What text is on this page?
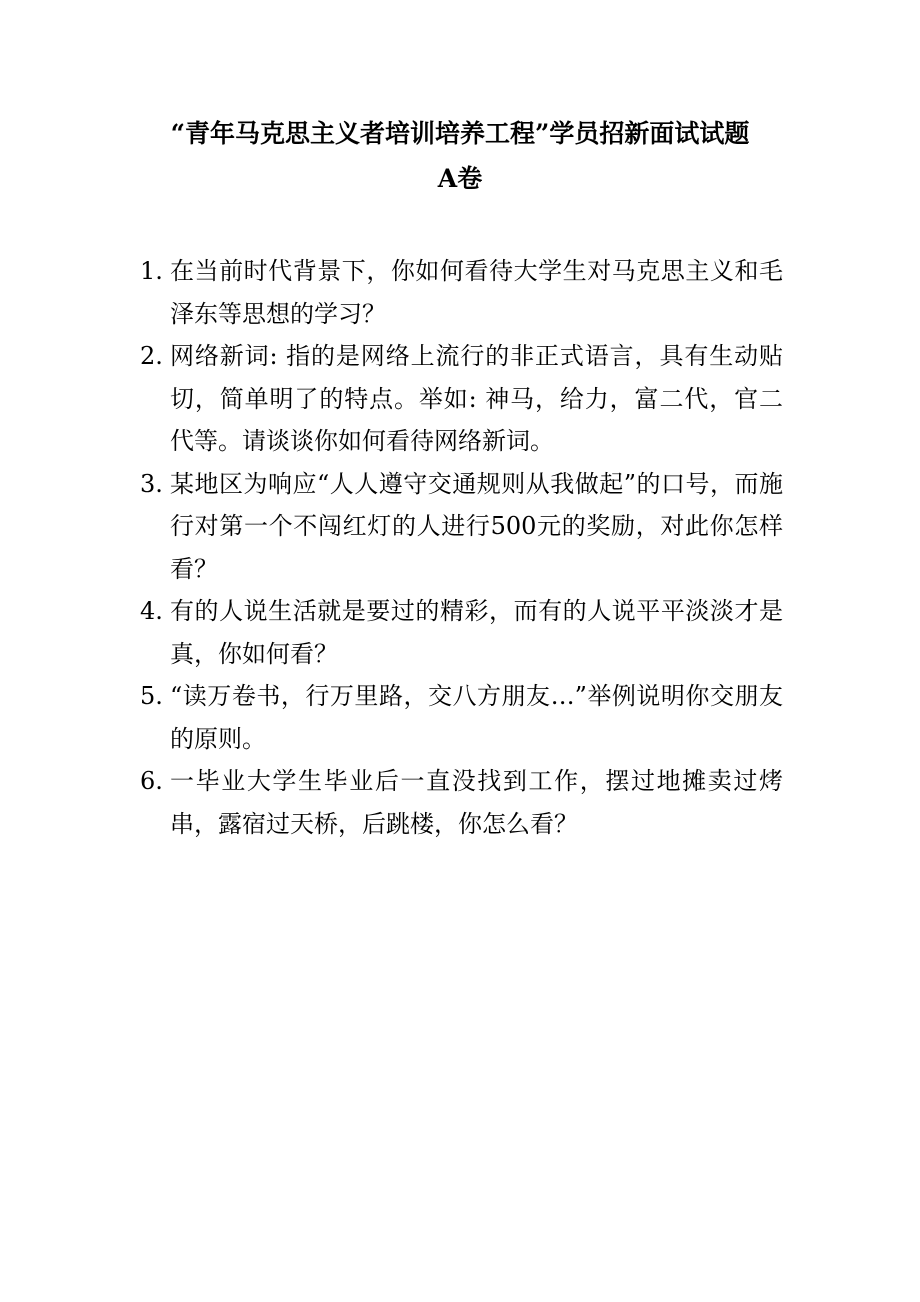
“青年马克思主义者培训培养工程”学员招新面试试题
A卷
1. 在当前时代背景下，你如何看待大学生对马克思主义和毛泽东等思想的学习？
2. 网络新词: 指的是网络上流行的非正式语言，具有生动贴切，简单明了的特点。举如: 神马，给力，富二代，官二代等。请谈谈你如何看待网络新词。
3. 某地区为响应“人人遵守交通规则从我做起”的口号，而施行对第一个不闯红灯的人进行500元的奖励，对此你怎样看？
4. 有的人说生活就是要过的精彩，而有的人说平平淡淡才是真，你如何看？
5. “读万卷书，行万里路，交八方朋友…”举例说明你交朋友的原则。
6. 一毕业大学生毕业后一直没找到工作，摆过地摊卖过烤串，露宿过天桥，后跳楼，你怎么看？
